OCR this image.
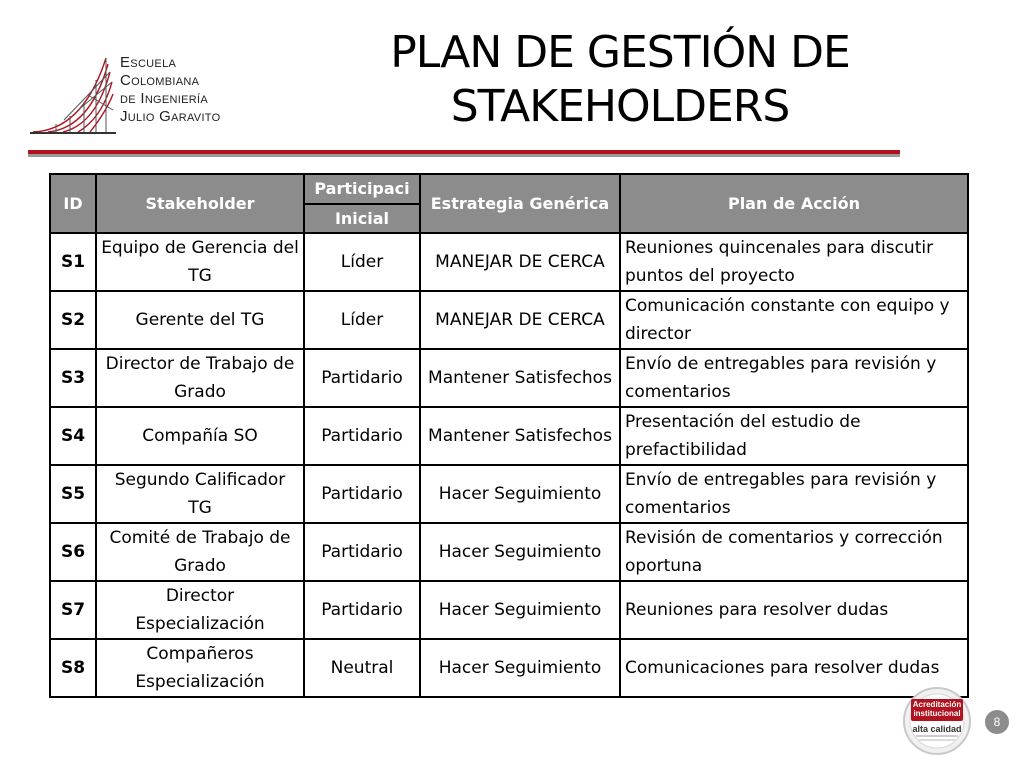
Escuela
Colombiana
de Ingeniería
Julio Garavito
PLAN DE GESTIÓN DE
STAKEHOLDERS
ID	Stakeholder	Participaci	Estrategia Genérica	Plan de Acción
		Inicial		
S1	Equipo de Gerencia del TG	Líder	MANEJAR DE CERCA	Reuniones quincenales para discutir puntos del proyecto
S2	Gerente del TG	Líder	MANEJAR DE CERCA	Comunicación constante con equipo y director
S3	Director de Trabajo de Grado	Partidario	Mantener Satisfechos	Envío de entregables para revisión y comentarios
S4	Compañía SO	Partidario	Mantener Satisfechos	Presentación del estudio de prefactibilidad
S5	Segundo Calificador TG	Partidario	Hacer Seguimiento	Envío de entregables para revisión y comentarios
S6	Comité de Trabajo de Grado	Partidario	Hacer Seguimiento	Revisión de comentarios y corrección oportuna
S7	Director Especialización	Partidario	Hacer Seguimiento	Reuniones para resolver dudas
S8	Compañeros Especialización	Neutral	Hacer Seguimiento	Comunicaciones para resolver dudas
Acreditación institucional
alta calidad	8
